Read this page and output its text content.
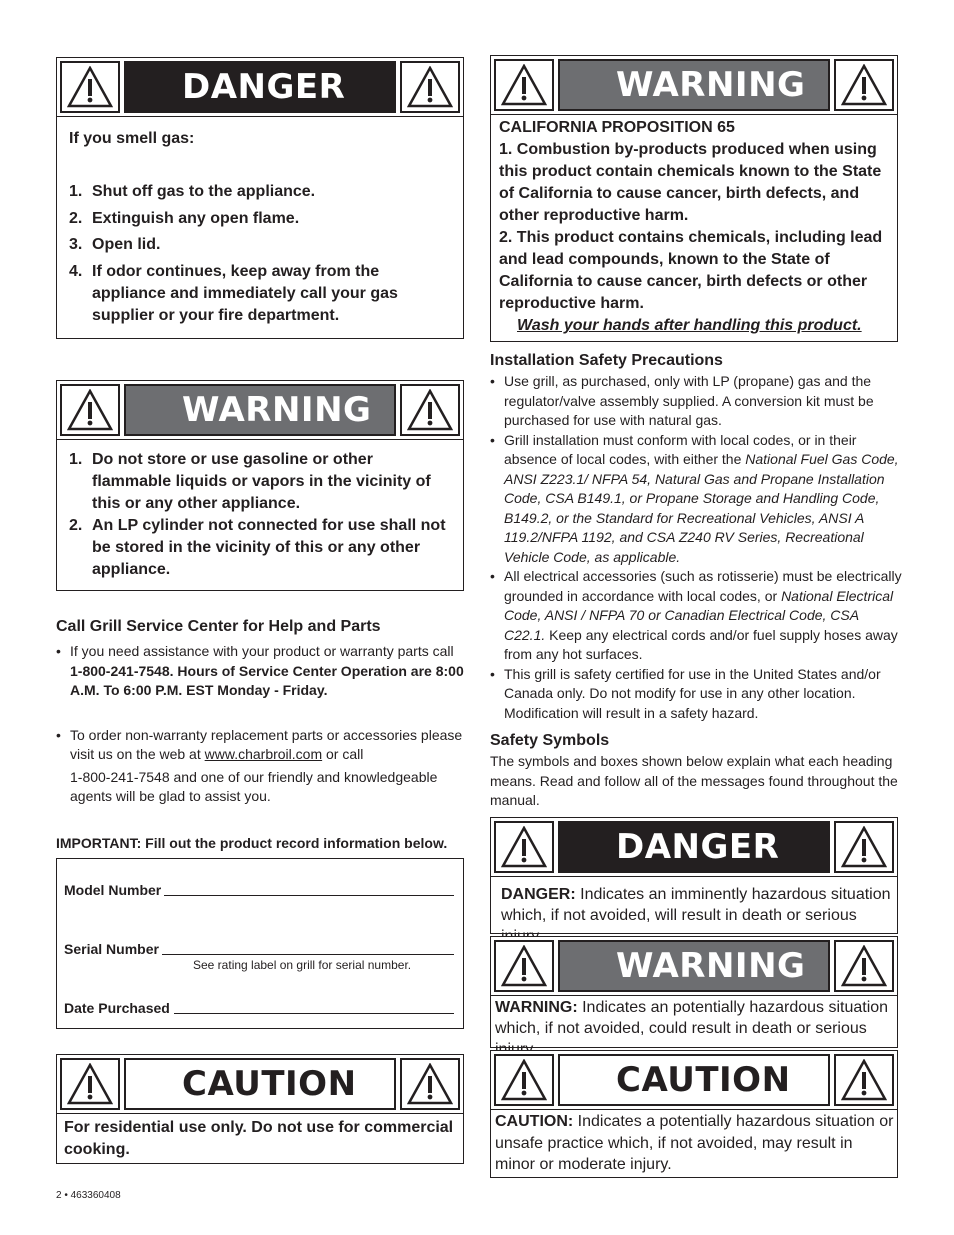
DANGER
If you smell gas:
1. Shut off gas to the appliance.
2. Extinguish any open flame.
3. Open lid.
4. If odor continues, keep away from the appliance and immediately call your gas supplier or your fire department.
WARNING
1. Do not store or use gasoline or other flammable liquids or vapors in the vicinity of this or any other appliance.
2. An LP cylinder not connected for use shall not be stored in the vicinity of this or any other appliance.
Call Grill Service Center for Help and Parts
• If you need assistance with your product or warranty parts call 1-800-241-7548. Hours of Service Center Operation are 8:00 A.M. To 6:00 P.M. EST Monday - Friday.
• To order non-warranty replacement parts or accessories please visit us on the web at www.charbroil.com or call
1-800-241-7548 and one of our friendly and knowledgeable agents will be glad to assist you.
IMPORTANT: Fill out the product record information below.
Model Number
Serial Number
See rating label on grill for serial number.
Date Purchased
CAUTION
For residential use only. Do not use for commercial cooking.
2 • 463360408
WARNING
CALIFORNIA PROPOSITION 65
1. Combustion by-products produced when using this product contain chemicals known to the State of California to cause cancer, birth defects, and other reproductive harm.
2. This product contains chemicals, including lead and lead compounds, known to the State of California to cause cancer, birth defects or other reproductive harm.
Wash your hands after handling this product.
Installation Safety Precautions
• Use grill, as purchased, only with LP (propane) gas and the regulator/valve assembly supplied. A conversion kit must be purchased for use with natural gas.
• Grill installation must conform with local codes, or in their absence of local codes, with either the National Fuel Gas Code, ANSI Z223.1/ NFPA 54, Natural Gas and Propane Installation Code, CSA B149.1, or Propane Storage and Handling Code, B149.2, or the Standard for Recreational Vehicles, ANSI A 119.2/NFPA 1192, and CSA Z240 RV Series, Recreational Vehicle Code, as applicable.
• All electrical accessories (such as rotisserie) must be electrically grounded in accordance with local codes, or National Electrical Code, ANSI / NFPA 70 or Canadian Electrical Code, CSA C22.1. Keep any electrical cords and/or fuel supply hoses away from any hot surfaces.
• This grill is safety certified for use in the United States and/or Canada only. Do not modify for use in any other location. Modification will result in a safety hazard.
Safety Symbols
The symbols and boxes shown below explain what each heading means. Read and follow all of the messages found throughout the manual.
DANGER
DANGER: Indicates an imminently hazardous situation which, if not avoided, will result in death or serious
WARNING
WARNING: Indicates an potentially hazardous situation which, if not avoided, could result in death or serious
CAUTION
CAUTION: Indicates a potentially hazardous situation or unsafe practice which, if not avoided, may result in minor or moderate injury.
